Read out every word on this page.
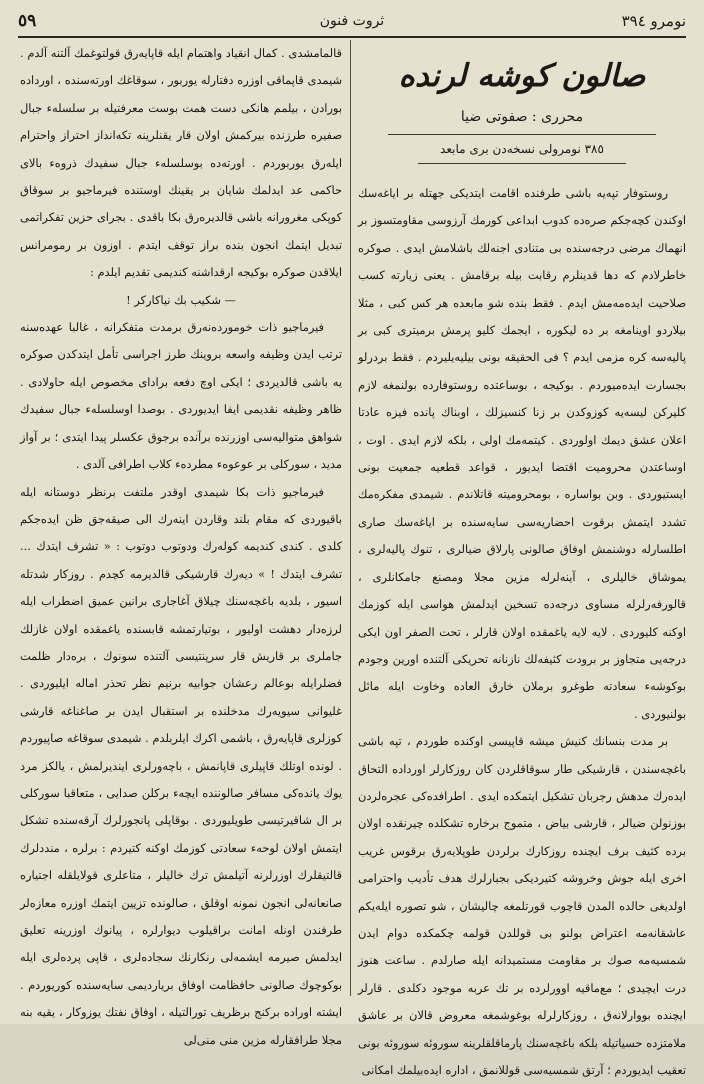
٥٩	ثروت فنون	نومرو ٣٩٤
صالون كوشه لرنده
محرری : صفوتی ضیا
٣٨٥ نومرولی نسخه‌دن بری مابعد

روستوفار تپه‌یه باشی طرفنده اقامت ایتدیکی جهتله بر ایاغه‌سك اوكندن كچه‌جكم صره‌ده كدوب ابداعی كورمك آرزوسی مقاومتسوز بر انهماك مرضی درجه‌سنده بی متنادی اجنه‌لك باشلامش ایدی . صوكره خاطرلادم كه دها قدینلرم رقابت بیله برقامش . یعنی زیارته كسب صلاحیت ایده‌مه‌مش ایدم . فقط بنده شو مابعده هر كس كبی ، مثلا بیلاردو اوینامغه بر ده لیكوره ، ایجمك كلیو پرمش برمیتری كبی بر پالیه‌سه كره مزمی ایدم ؟ فی الحقیقه بونی بیلیه‌یلیردم . فقط بردرلو بجسارت ایده‌میوردم . بوكیجه ، بوساعتده روستوفارده بولنمغه لازم كلیركن لیسه‌یه كوزوكدن بر زنا كنسیزلك ، اوبناك پانده فیزه عادتا اعلان عشق دیمك اولوردی . كیتمه‌مك اولی ، بلكه لازم ایدی . اوت ، اوساعتدن محرومیت اقتضا ایدیور ، قواعد قطعیه جمعیت بونی ایستیوردی . وبن بواساره ، بومحرومیته قاتلاندم . شیمدی مفكره‌مك تشدد ایتمش برقوت احضاریه‌سی سایه‌سنده بر ایاغه‌سك صاری اطلسارله دوشنمش اوفاق صالونی پارلاق ضیالری ، تنوك پالیه‌لری ، یموشاق خالیلری ، آینه‌لرله مزین مجلا ومصنع جامكانلری ، قالورفه‌رلرله مساوی درجه‌ده تسخین ایدلمش هواسی ایله كوزمك اوكنه كلیوردی . لایه لایه یاغمقده اولان قارلر ، تحت الصفر اون ایكی درجه‌یی متجاوز بر برودت كثیفه‌لك نازنانه تحریكی آلتنده اورین وجودم بوكوشه‌ء سعادته طوغرو برملان خارق العاده وخاوت ایله مائل بولنیوردی .

بر مدت بنسانك كنیش میشه قاپیسی اوكنده طوردم ، تپه باشی باغچه‌سندن ، قارشیكی طار سوقاقلردن كان روزكارلر اورداده التحاق ایده‌رك مدهش رجربان تشكیل ایتمكده ایدی . اطرافده‌كی عجره‌لردن بوزنولن ضیالر ، قارشی بیاض ، متموج برخاره تشكلده چیرنقده اولان برده كثیف برف ایچنده روزكارك برلردن طوپلایه‌رق برقوس غریب اخری ایله جوش وخروشه كتیردیكی بجبارلرك هدف تأدیب واحترامی اولدیغی حالده المدن قاچوب قورتلمغه چالیشان ، شو تصوره ایله‌یكم عاشقانه‌مه اعتراض بولنو بی قوللدن قولمه چكمكده دوام ایدن شمسیه‌مه صوك بر مقاومت مستمیدانه ایله صارلدم . ساعت هنوز درت ایچیدی ؛ مع‌ماقیه اوورلرده بر تك عربه موجود دكلدی . قارلر ایچنده بووارلانه‌ق ، روزكارلرله بوغوشمغه معروض قالان بر عاشق ملامتزده حسیاتیله بلكه باغچه‌سنك پارماقلقلرینه سوروئه سوروئه بونی تعقیب ایدیوردم ؛ آرتق شمسیه‌سی قوللانمق ، اداره ایده‌بیلمك امكانی

قالمامشدی . كمال انقیاد واهتمام ایله قاپایه‌رق قولتوغمك آلتنه آلدم . شیمدی قاپماقی اوزره دفتارله یوربور ، سوقاغك اورته‌سنده ، اورداده بورادن ، بیلمم هانكی دست همت بوست معرفتیله بر سلسله‌ء جبال صفیره طرزنده بیركمش اولان قار یقنلرینه تكه‌انداز احتراز واحترام ایله‌رق یوربوردم . اورته‌ده بوسلسله‌ء جبال سفیدك ذروه‌ء بالای حاكمی عد ایدلمك شایان بر یقینك اوستنده فیرماجیو بر سوقاق كوپكی مغرورانه باشی قالدیره‌رق بكا باقدی . بجرای حزین تفكراتمی تبدیل ایتمك انجون بنده براز توقف ایتدم . اوزون بر رمومرانس ایلاقدن صوكره بوكیجه ارقداشنه كندیمی تقدیم ایلدم :

— شكیب بك نیاكاركر !

فیرماجیو ذات خومورده‌نه‌رق برمدت متفكرانه ، غالبا عهده‌سنه ترتب ایدن وظیفه واسعه بروینك طرز اجراسی تأمل ایتدكدن صوكره یه باشی قالدیردی ؛ ایكی اوچ دفعه برادای مخصوص ایله حاولادی . ظاهر وظیفه نقدیمی ایفا ایدیوردی . بوصدا اوسلسله‌ء جبال سفیدك شواهق متوالیه‌سی اوزرنده برآنده برجوق عكسلر پیدا ایتدی ؛ بر آواز مدید ، سوركلی بر عوعوه‌ء مطرده‌ء كلاب اطرافی آلدی .

فیرماجیو ذات بكا شیمدی اوقدر ملتفت برنظر دوستانه ایله باقیوردی كه مقام بلند وقاردن اینه‌رك الی صیقه‌جق ظن ایده‌جكم كلدی . كندی كندیمه كوله‌رك ودوتوب دوتوب : « تشرف ایتدك ... تشرف ایتدك ! » دیه‌رك قارشیكی قالدیرمه كچدم . روزكار شدتله اسیور ، بلدیه باغچه‌سنك چیلاق آغاجاری برانین عمیق اضطراب ایله لرزه‌دار دهشت اولیور ، بوتیارتمشه قابسنده یاغمقده اولان غازلك جاملری بر قاریش قار سرپنتیسی آلتنده سونوك ، بره‌دار ظلمت فضلرایله بوعالم رعشان جوابیه برنیم نظر تحذر اماله ایلیوردی . غلیوانی سیویه‌رك مدخلنده بر استقبال ایدن بر صاغناغه قارشی كوزلری قاپایه‌رق ، باشمی اكرك ایلربلدم . شیمدی سوقاغه صاپیوردم . لونده اوتلك قاپیلری قاپانمش ، باچه‌ورلری اینديرلمش ، یالكز مرد یوك یانده‌كی مسافر صالوننده ایچه‌ء بركلن صدایی ، متعاقبا سوركلی بر ال شاقیرتیسی طویلیوردی . بوقاپلی پانجورلرك آرقه‌سنده تشكل ایتمش اولان لوحه‌ء سعادتی كوزمك اوكنه كتیردم : برلره ، منددلرك قالتیقلرك اوزرلرنه آتیلمش ترك خالیلر ، متاعلری قولایلقله اجتیاره صانعانه‌لی انجون نمونه اوقلق ، صالونده تزیین ایتمك اوزره معازه‌لر طرفندن اونله امانت براقیلوب دیوارلره ، پیانوك اوزرینه تعلیق ایدلمش صیرمه ایشمه‌لی رنكارنك سجاده‌لری ، قاپی پرده‌لری ایله بوكوچوك صالونی حافظامت اوفاق بریاردیمی سایه‌سنده كوریوردم . ایشته اوراده بركنج برظریف تورالتیله ، اوفاق نفتك یوزوكار ، یقیه بنه مجلا طرافقارله مزین منی منی‌لی
